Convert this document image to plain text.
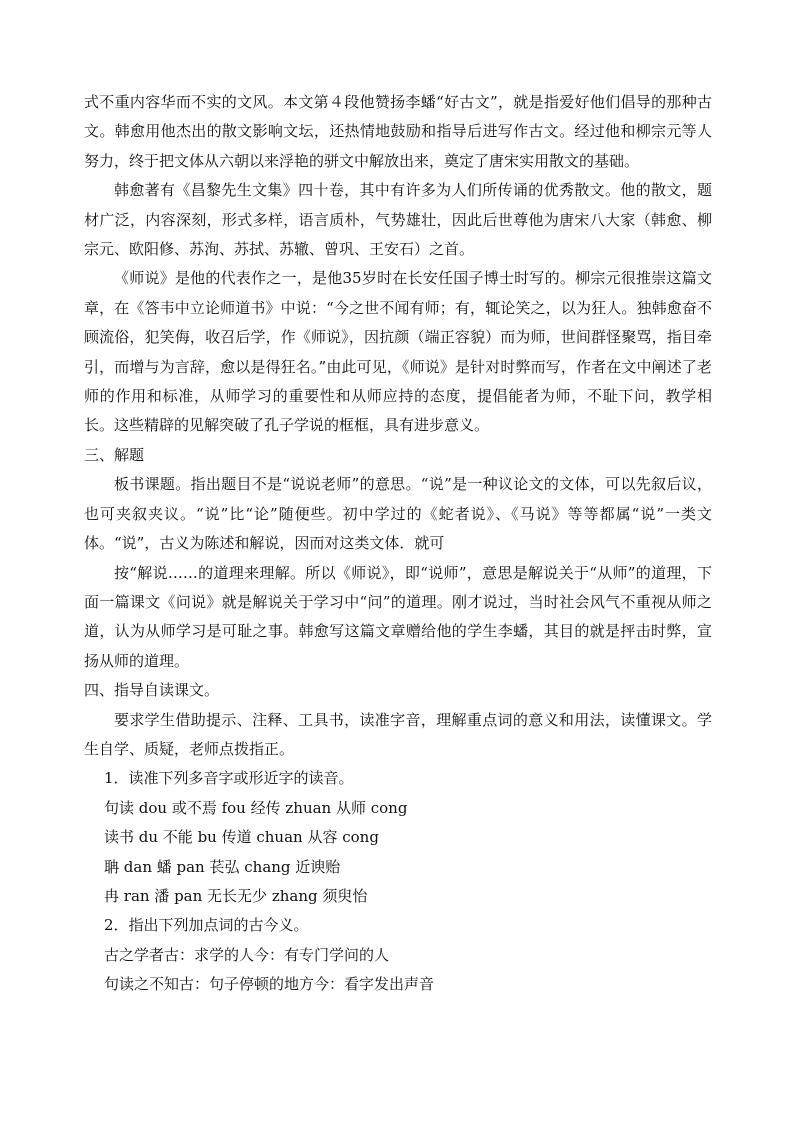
式不重内容华而不实的文风。本文第４段他赞扬李蟠“好古文”，就是指爱好他们倡导的那种古文。韩愈用他杰出的散文影响文坛，还热情地鼓励和指导后进写作古文。经过他和柳宗元等人努力，终于把文体从六朝以来浮艳的骈文中解放出来，奠定了唐宋实用散文的基础。

韩愈著有《昌黎先生文集》四十卷，其中有许多为人们所传诵的优秀散文。他的散文，题材广泛，内容深刻，形式多样，语言质朴，气势雄壮，因此后世尊他为唐宋八大家（韩愈、柳宗元、欧阳修、苏洵、苏拭、苏辙、曾巩、王安石）之首。

《师说》是他的代表作之一，是他35岁时在长安任国子博士时写的。柳宗元很推崇这篇文章，在《答韦中立论师道书》中说：“今之世不闻有师；有，辄论笑之，以为狂人。独韩愈奋不顾流俗，犯笑侮，收召后学，作《师说》，因抗颜（端正容貌）而为师，世间群怪聚骂，指目牵引，而增与为言辞，愈以是得狂名。”由此可见，《师说》是针对时弊而写，作者在文中阐述了老师的作用和标准，从师学习的重要性和从师应持的态度，提倡能者为师，不耻下问，教学相长。这些精辟的见解突破了孔子学说的框框，具有进步意义。

三、解题

板书课题。指出题目不是“说说老师”的意思。“说”是一种议论文的文体，可以先叙后议，也可夹叙夹议。“说”比“论”随便些。初中学过的《蛇者说》、《马说》等等都属“说”一类文体。“说”，古义为陈述和解说，因而对这类文体．就可

按“解说……的道理来理解。所以《师说》，即“说师”，意思是解说关于“从师”的道理，下面一篇课文《问说》就是解说关于学习中“问”的道理。刚才说过，当时社会风气不重视从师之道，认为从师学习是可耻之事。韩愈写这篇文章赠给他的学生李蟠，其目的就是抨击时弊，宣扬从师的道理。

四、指导自读课文。

要求学生借助提示、注释、工具书，读准字音，理解重点词的意义和用法，读懂课文。学生自学、质疑，老师点拨指正。

1．读准下列多音字或形近字的读音。

句读 dou 或不焉 fou 经传 zhuan 从师 cong

读书 du 不能 bu 传道 chuan 从容 cong

聃 dan 蟠 pan 苌弘 chang 近谀贻

冉 ran 潘 pan 无长无少 zhang 须臾怡

2．指出下列加点词的古今义。

古之学者古：求学的人今：有专门学问的人

句读之不知古：句子停顿的地方今：看字发出声音
